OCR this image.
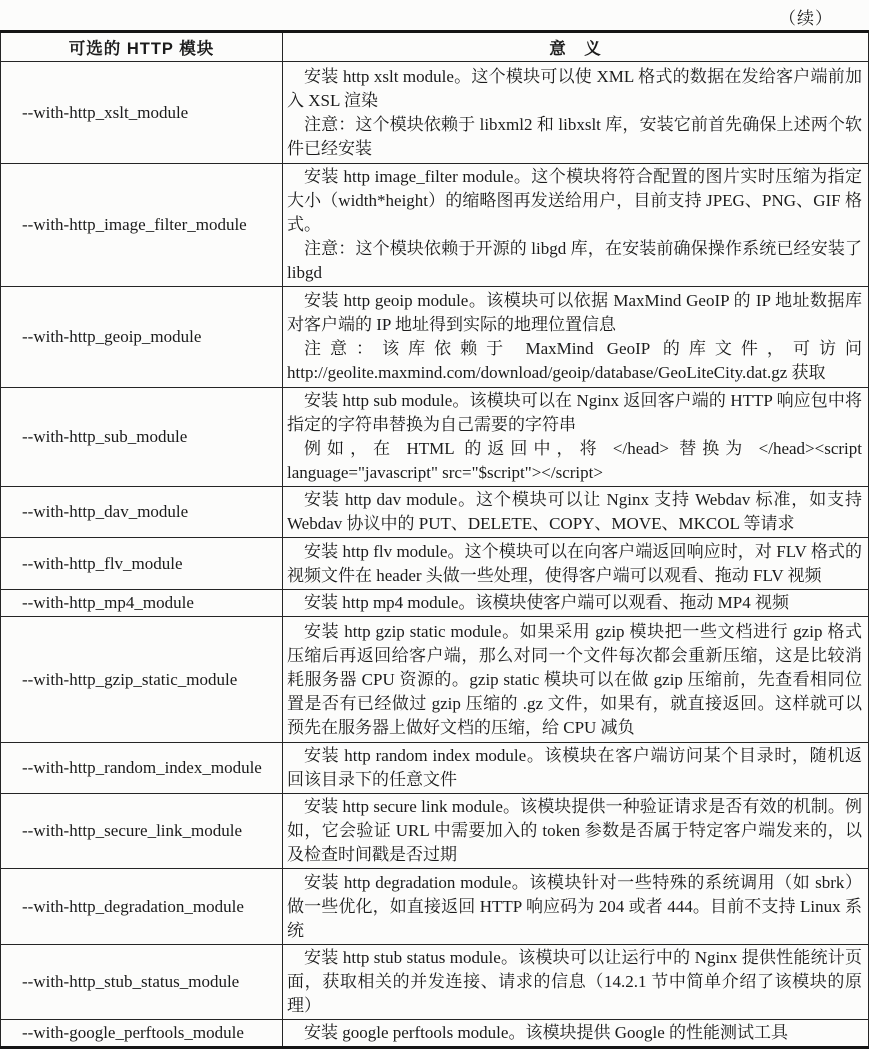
（续）
可选的 HTTP 模块	意　义
--with-http_xslt_module	安装 http xslt module。这个模块可以使 XML 格式的数据在发给客户端前加入 XSL 渲染

注意：这个模块依赖于 libxml2 和 libxslt 库，安装它前首先确保上述两个软件已经安装

--with-http_image_filter_module	安装 http image_filter module。这个模块将符合配置的图片实时压缩为指定大小（width*height）的缩略图再发送给用户，目前支持 JPEG、PNG、GIF 格式。

注意：这个模块依赖于开源的 libgd 库，在安装前确保操作系统已经安装了 libgd

--with-http_geoip_module	安装 http geoip module。该模块可以依据 MaxMind GeoIP 的 IP 地址数据库对客户端的 IP 地址得到实际的地理位置信息

注意：该库依赖于 MaxMind GeoIP 的库文件，可访问 http://geolite.maxmind.com/download/geoip/database/GeoLiteCity.dat.gz 获取

--with-http_sub_module	安装 http sub module。该模块可以在 Nginx 返回客户端的 HTTP 响应包中将指定的字符串替换为自己需要的字符串

例如，在 HTML 的返回中，将 </head> 替换为 </head><script language="javascript" src="$script"></script>

--with-http_dav_module	安装 http dav module。这个模块可以让 Nginx 支持 Webdav 标准，如支持 Webdav 协议中的 PUT、DELETE、COPY、MOVE、MKCOL 等请求

--with-http_flv_module	安装 http flv module。这个模块可以在向客户端返回响应时，对 FLV 格式的视频文件在 header 头做一些处理，使得客户端可以观看、拖动 FLV 视频

--with-http_mp4_module	安装 http mp4 module。该模块使客户端可以观看、拖动 MP4 视频

--with-http_gzip_static_module	安装 http gzip static module。如果采用 gzip 模块把一些文档进行 gzip 格式压缩后再返回给客户端，那么对同一个文件每次都会重新压缩，这是比较消耗服务器 CPU 资源的。gzip static 模块可以在做 gzip 压缩前，先查看相同位置是否有已经做过 gzip 压缩的 .gz 文件，如果有，就直接返回。这样就可以预先在服务器上做好文档的压缩，给 CPU 减负

--with-http_random_index_module	安装 http random index module。该模块在客户端访问某个目录时，随机返回该目录下的任意文件

--with-http_secure_link_module	安装 http secure link module。该模块提供一种验证请求是否有效的机制。例如，它会验证 URL 中需要加入的 token 参数是否属于特定客户端发来的，以及检查时间戳是否过期

--with-http_degradation_module	安装 http degradation module。该模块针对一些特殊的系统调用（如 sbrk）做一些优化，如直接返回 HTTP 响应码为 204 或者 444。目前不支持 Linux 系统

--with-http_stub_status_module	安装 http stub status module。该模块可以让运行中的 Nginx 提供性能统计页面，获取相关的并发连接、请求的信息（14.2.1 节中简单介绍了该模块的原理）

--with-google_perftools_module	安装 google perftools module。该模块提供 Google 的性能测试工具
